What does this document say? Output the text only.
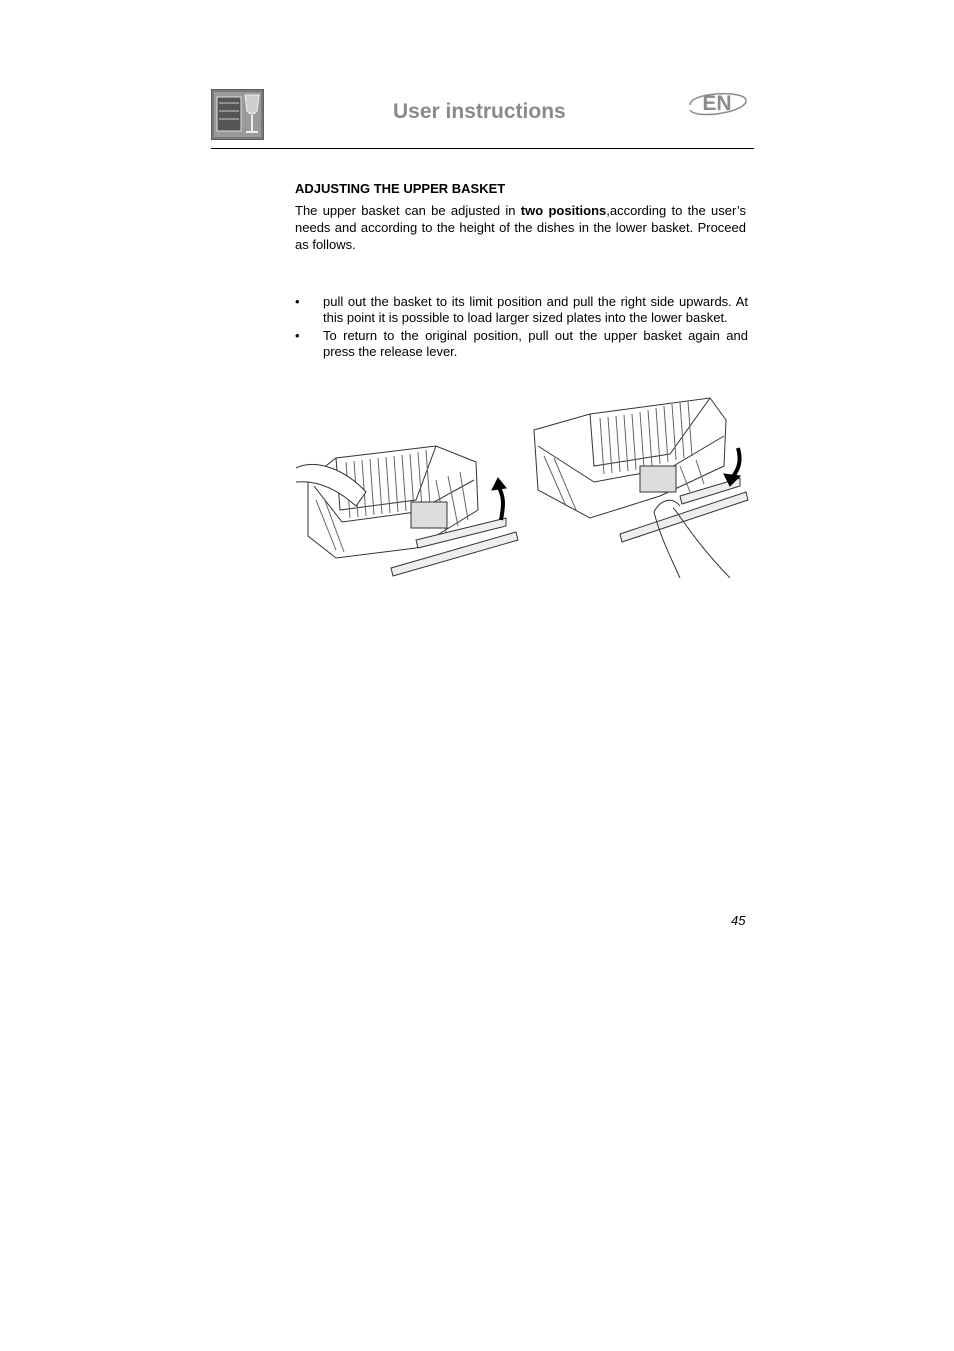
User instructions	EN
ADJUSTING THE UPPER BASKET

The upper basket can be adjusted in two positions,according to the user’s needs and according to the height of the dishes in the lower basket. Proceed as follows.

• pull out the basket to its limit position and pull the right side upwards. At this point it is possible to load larger sized plates into the lower basket.
• To return to the original position, pull out the upper basket again and press the release lever.
45
